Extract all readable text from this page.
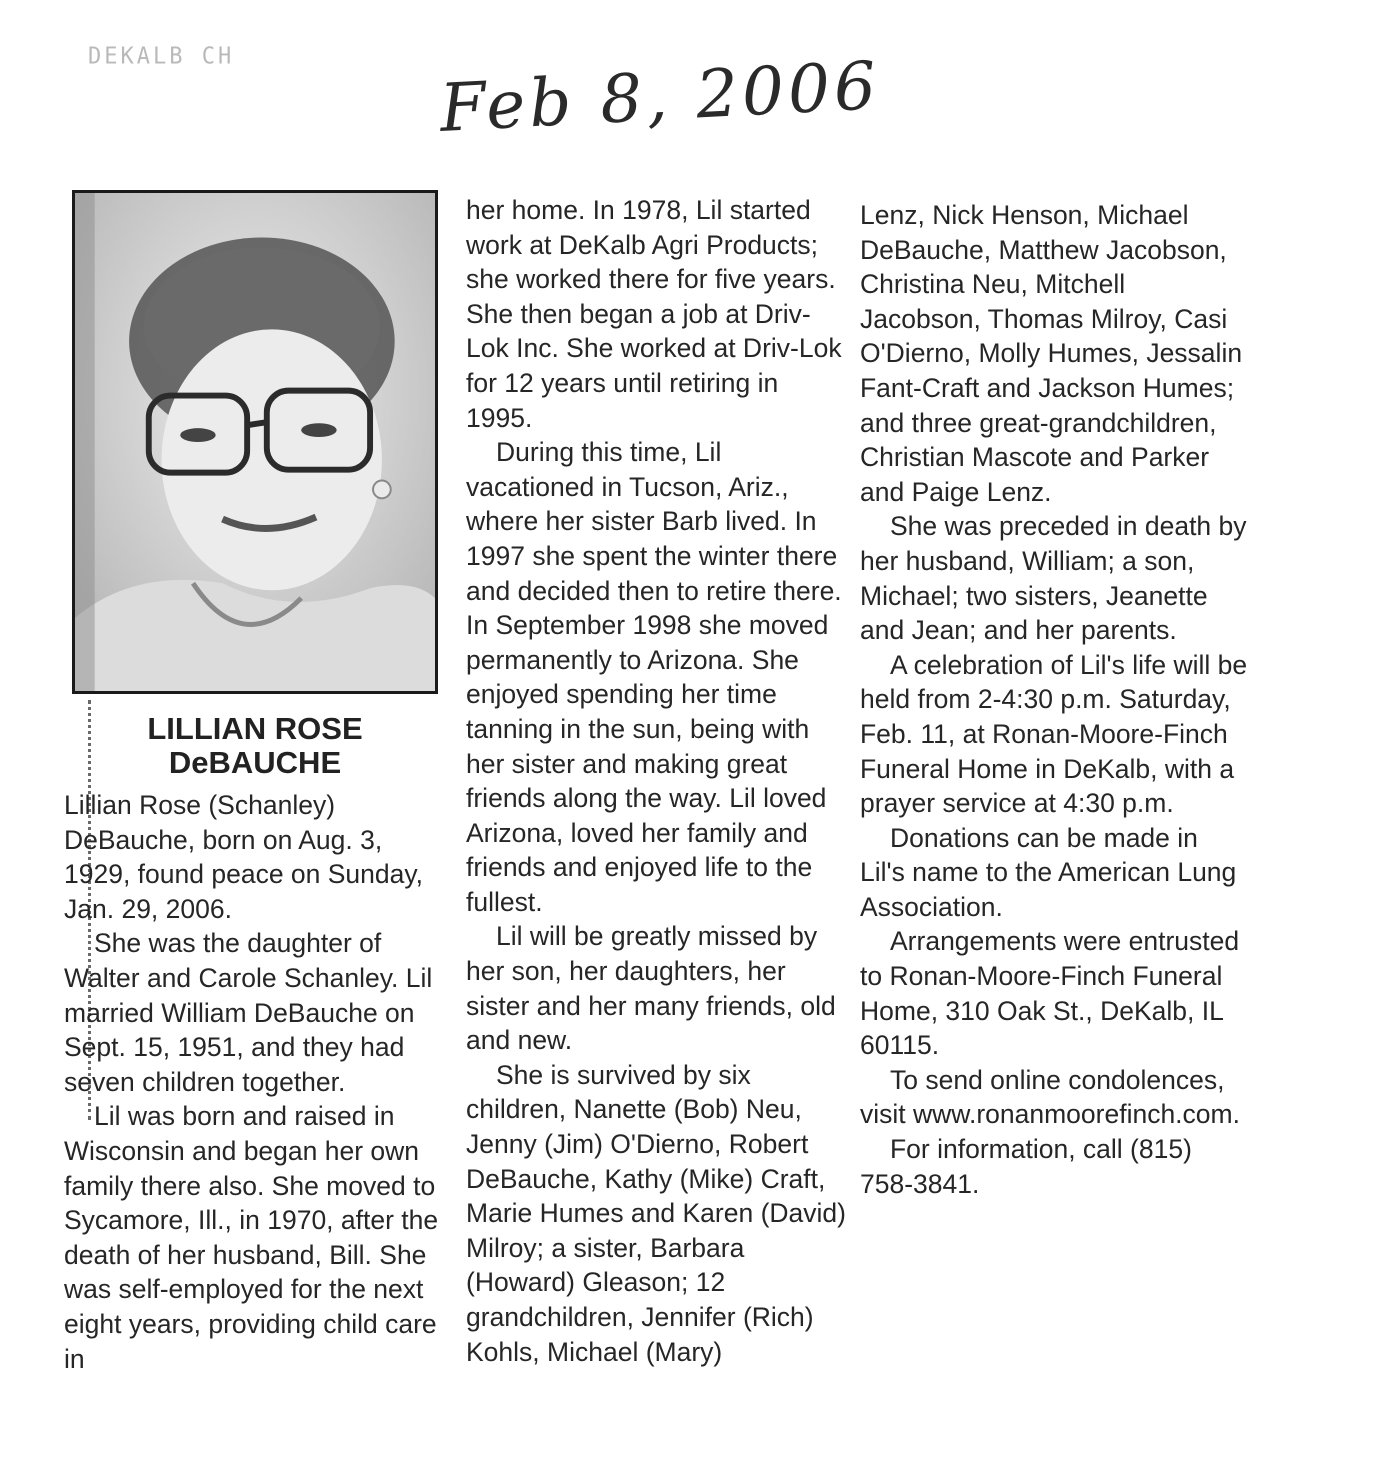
DEKALB CH	Feb 8, 2006
LILLIAN ROSE
DeBAUCHE

Lillian Rose (Schanley) DeBauche, born on Aug. 3, 1929, found peace on Sunday, Jan. 29, 2006.

She was the daughter of Walter and Carole Schanley. Lil married William DeBauche on Sept. 15, 1951, and they had seven children together.

Lil was born and raised in Wisconsin and began her own family there also. She moved to Sycamore, Ill., in 1970, after the death of her husband, Bill. She was self-employed for the next eight years, providing child care in

her home. In 1978, Lil started work at DeKalb Agri Products; she worked there for five years. She then began a job at Driv-Lok Inc. She worked at Driv-Lok for 12 years until retiring in 1995.

During this time, Lil vacationed in Tucson, Ariz., where her sister Barb lived. In 1997 she spent the winter there and decided then to retire there. In September 1998 she moved permanently to Arizona. She enjoyed spending her time tanning in the sun, being with her sister and making great friends along the way. Lil loved Arizona, loved her family and friends and enjoyed life to the fullest.

Lil will be greatly missed by her son, her daughters, her sister and her many friends, old and new.

She is survived by six children, Nanette (Bob) Neu, Jenny (Jim) O'Dierno, Robert DeBauche, Kathy (Mike) Craft, Marie Humes and Karen (David) Milroy; a sister, Barbara (Howard) Gleason; 12 grandchildren, Jennifer (Rich) Kohls, Michael (Mary)

Lenz, Nick Henson, Michael DeBauche, Matthew Jacobson, Christina Neu, Mitchell Jacobson, Thomas Milroy, Casi O'Dierno, Molly Humes, Jessalin Fant-Craft and Jackson Humes; and three great-grandchildren, Christian Mascote and Parker and Paige Lenz.

She was preceded in death by her husband, William; a son, Michael; two sisters, Jeanette and Jean; and her parents.

A celebration of Lil's life will be held from 2-4:30 p.m. Saturday, Feb. 11, at Ronan-Moore-Finch Funeral Home in DeKalb, with a prayer service at 4:30 p.m.

Donations can be made in Lil's name to the American Lung Association.

Arrangements were entrusted to Ronan-Moore-Finch Funeral Home, 310 Oak St., DeKalb, IL 60115.

To send online condolences, visit www.ronanmoorefinch.com.

For information, call (815) 758-3841.
